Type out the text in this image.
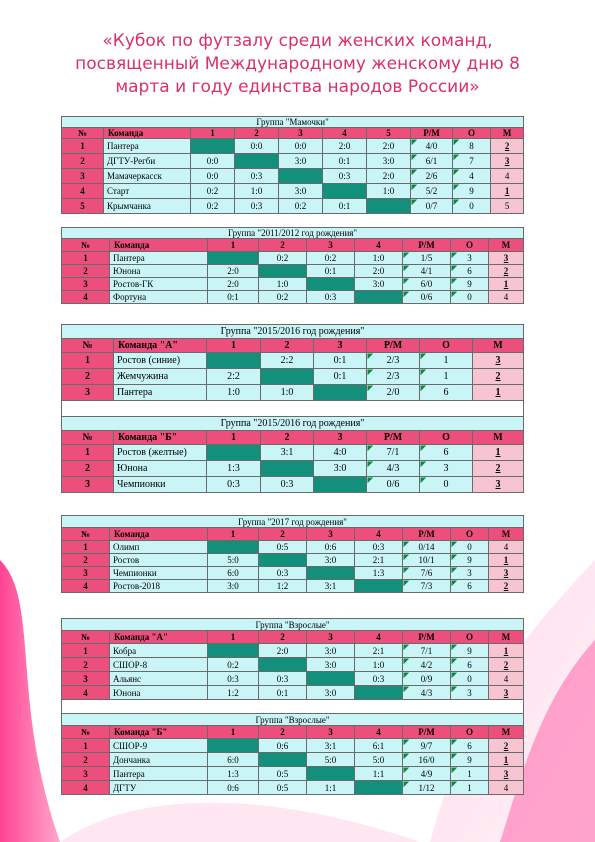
«Кубок по футзалу среди женских команд,
посвященный Международному женскому дню 8
марта и году единства народов России»
Группа "Мамочки"									
№	Команда	1	2	3	4	5	Р/М	О	М
1	Пантера		0:0	0:0	2:0	2:0	4/0	8	2
2	ДГТУ-Регби	0:0		3:0	0:1	3:0	6/1	7	3
3	Мамачеркасск	0:0	0:3		0:3	2:0	2/6	4	4
4	Старт	0:2	1:0	3:0		1:0	5/2	9	1
5	Крымчанка	0:2	0:3	0:2	0:1		0/7	0	5
Группа "2011/2012 год рождения"								
№	Команда	1	2	3	4	Р/М	О	М
1	Пантера		0:2	0:2	1:0	1/5	3	3
2	Юнона	2:0		0:1	2:0	4/1	6	2
3	Ростов-ГК	2:0	1:0		3:0	6/0	9	1
4	Фортуна	0:1	0:2	0:3		0/6	0	4
Группа "2015/2016 год рождения"							
№	Команда "А"	1	2	3	Р/М	О	М
1	Ростов (синие)		2:2	0:1	2/3	1	3
2	Жемчужина	2:2		0:1	2/3	1	2
3	Пантера	1:0	1:0		2/0	6	1

Группа "2015/2016 год рождения"							
№	Команда "Б"	1	2	3	Р/М	О	М
1	Ростов (желтые)		3:1	4:0	7/1	6	1
2	Юнона	1:3		3:0	4/3	3	2
3	Чемпионки	0:3	0:3		0/6	0	3
Группа "2017 год рождения"								
№	Команда	1	2	3	4	Р/М	О	М
1	Олимп		0:5	0:6	0:3	0/14	0	4
2	Ростов	5:0		3:0	2:1	10/1	9	1
3	Чемпионки	6:0	0:3		1:3	7/6	3	3
4	Ростов-2018	3:0	1:2	3:1		7/3	6	2
Группа "Взрослые"								
№	Команда "А"	1	2	3	4	Р/М	О	М
1	Кобра		2:0	3:0	2:1	7/1	9	1
2	СШОР-8	0:2		3:0	1:0	4/2	6	2
3	Альянс	0:3	0:3		0:3	0/9	0	4
4	Юнона	1:2	0:1	3:0		4/3	3	3

Группа "Взрослые"								
№	Команда "Б"	1	2	3	4	Р/М	О	М
1	СШОР-9		0:6	3:1	6:1	9/7	6	2
2	Дончанка	6:0		5:0	5:0	16/0	9	1
3	Пантера	1:3	0:5		1:1	4/9	1	3
4	ДГТУ	0:6	0:5	1:1		1/12	1	4
